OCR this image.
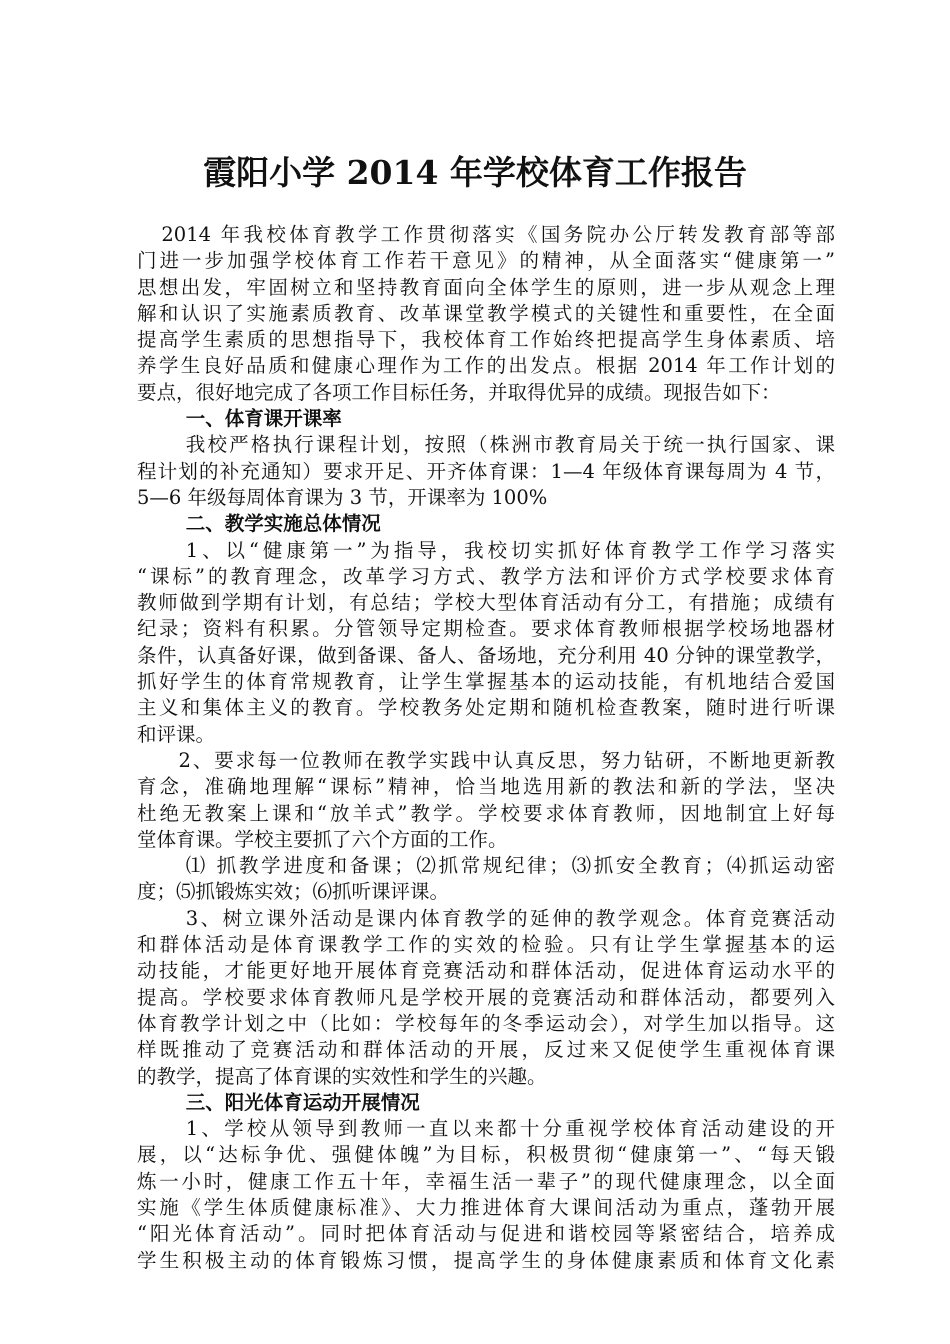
霞阳小学 2014 年学校体育工作报告
2014 年我校体育教学工作贯彻落实《国务院办公厅转发教育部等部
门进一步加强学校体育工作若干意见》的精神，从全面落实“健康第一”
思想出发，牢固树立和坚持教育面向全体学生的原则，进一步从观念上理
解和认识了实施素质教育、改革课堂教学模式的关键性和重要性，在全面
提高学生素质的思想指导下，我校体育工作始终把提高学生身体素质、培
养学生良好品质和健康心理作为工作的出发点。根据 2014 年工作计划的
要点，很好地完成了各项工作目标任务，并取得优异的成绩。现报告如下：
一、体育课开课率
我校严格执行课程计划，按照（株洲市教育局关于统一执行国家、课
程计划的补充通知）要求开足、开齐体育课：1—4 年级体育课每周为 4 节，
5—6 年级每周体育课为 3 节，开课率为 100%
二、教学实施总体情况
1、以“健康第一”为指导，我校切实抓好体育教学工作学习落实
“课标”的教育理念，改革学习方式、教学方法和评价方式学校要求体育
教师做到学期有计划，有总结；学校大型体育活动有分工，有措施；成绩有
纪录；资料有积累。分管领导定期检查。要求体育教师根据学校场地器材
条件，认真备好课，做到备课、备人、备场地，充分利用 40 分钟的课堂教学，
抓好学生的体育常规教育，让学生掌握基本的运动技能，有机地结合爱国
主义和集体主义的教育。学校教务处定期和随机检查教案，随时进行听课
和评课。
2、要求每一位教师在教学实践中认真反思，努力钻研，不断地更新教
育念，准确地理解“课标”精神，恰当地选用新的教法和新的学法，坚决
杜绝无教案上课和“放羊式”教学。学校要求体育教师，因地制宜上好每
堂体育课。学校主要抓了六个方面的工作。
⑴ 抓教学进度和备课；⑵抓常规纪律；⑶抓安全教育；⑷抓运动密
度；⑸抓锻炼实效；⑹抓听课评课。
3、树立课外活动是课内体育教学的延伸的教学观念。体育竞赛活动
和群体活动是体育课教学工作的实效的检验。只有让学生掌握基本的运
动技能，才能更好地开展体育竞赛活动和群体活动，促进体育运动水平的
提高。学校要求体育教师凡是学校开展的竞赛活动和群体活动，都要列入
体育教学计划之中（比如：学校每年的冬季运动会），对学生加以指导。这
样既推动了竞赛活动和群体活动的开展，反过来又促使学生重视体育课
的教学，提高了体育课的实效性和学生的兴趣。
三、阳光体育运动开展情况
1、学校从领导到教师一直以来都十分重视学校体育活动建设的开
展，以“达标争优、强健体魄”为目标，积极贯彻“健康第一”、“每天锻
炼一小时，健康工作五十年，幸福生活一辈子”的现代健康理念，以全面
实施《学生体质健康标准》、大力推进体育大课间活动为重点，蓬勃开展
“阳光体育活动”。同时把体育活动与促进和谐校园等紧密结合，培养成
学生积极主动的体育锻炼习惯，提高学生的身体健康素质和体育文化素
